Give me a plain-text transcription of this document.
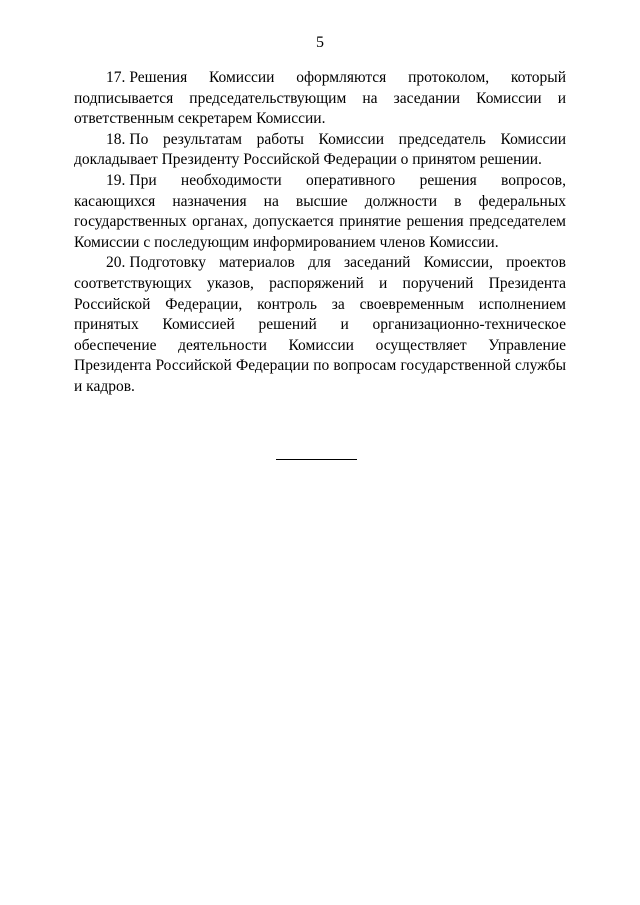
5

17. Решения Комиссии оформляются протоколом, который подписывается председательствующим на заседании Комиссии и ответственным секретарем Комиссии.

18. По результатам работы Комиссии председатель Комиссии докладывает Президенту Российской Федерации о принятом решении.

19. При необходимости оперативного решения вопросов, касающихся назначения на высшие должности в федеральных государственных органах, допускается принятие решения председателем Комиссии с последующим информированием членов Комиссии.

20. Подготовку материалов для заседаний Комиссии, проектов соответствующих указов, распоряжений и поручений Президента Российской Федерации, контроль за своевременным исполнением принятых Комиссией решений и организационно-техническое обеспечение деятельности Комиссии осуществляет Управление Президента Российской Федерации по вопросам государственной службы и кадров.
